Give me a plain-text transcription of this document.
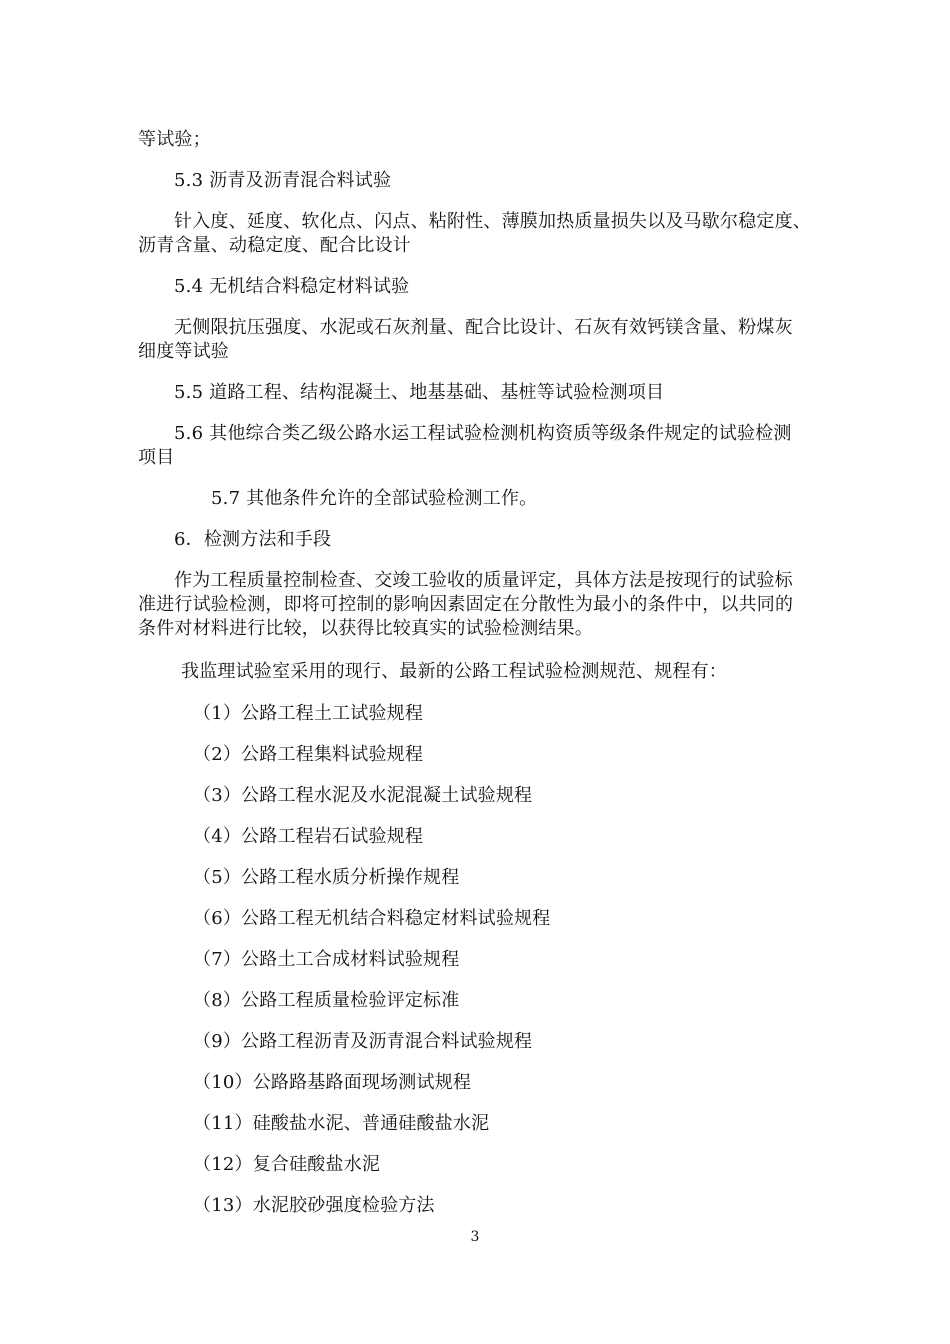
等试验；
5.3 沥青及沥青混合料试验
针入度、延度、软化点、闪点、粘附性、薄膜加热质量损失以及马歇尔稳定度、
沥青含量、动稳定度、配合比设计
5.4 无机结合料稳定材料试验
无侧限抗压强度、水泥或石灰剂量、配合比设计、石灰有效钙镁含量、粉煤灰
细度等试验
5.5 道路工程、结构混凝土、地基基础、基桩等试验检测项目
5.6 其他综合类乙级公路水运工程试验检测机构资质等级条件规定的试验检测
项目
5.7 其他条件允许的全部试验检测工作。
6．检测方法和手段
作为工程质量控制检查、交竣工验收的质量评定，具体方法是按现行的试验标
准进行试验检测，即将可控制的影响因素固定在分散性为最小的条件中，以共同的
条件对材料进行比较，以获得比较真实的试验检测结果。
我监理试验室采用的现行、最新的公路工程试验检测规范、规程有：
（1）公路工程土工试验规程
（2）公路工程集料试验规程
（3）公路工程水泥及水泥混凝土试验规程
（4）公路工程岩石试验规程
（5）公路工程水质分析操作规程
（6）公路工程无机结合料稳定材料试验规程
（7）公路土工合成材料试验规程
（8）公路工程质量检验评定标准
（9）公路工程沥青及沥青混合料试验规程
（10）公路路基路面现场测试规程
（11）硅酸盐水泥、普通硅酸盐水泥
（12）复合硅酸盐水泥
（13）水泥胶砂强度检验方法
3
